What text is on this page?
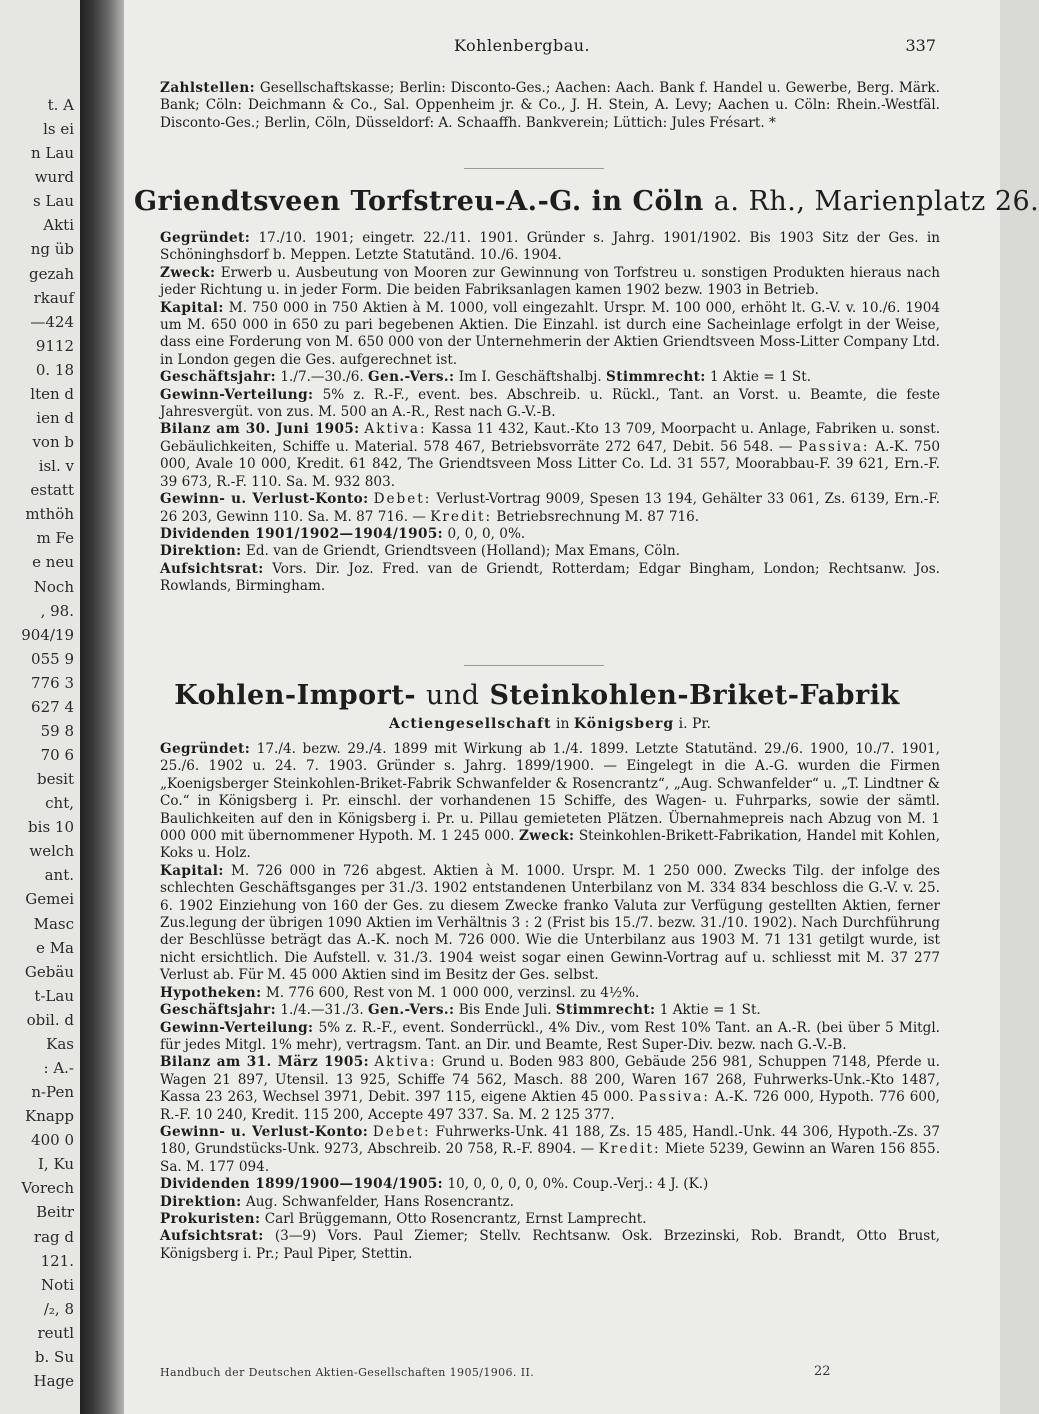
t. A
ls ei
n Lau
wurd
s Lau
Akti
ng üb
gezah
rkauf
—424
9112
0. 18
lten d
ien d
von b
isl. v
estatt
mthöh
m Fe
e neu
Noch
, 98.
904/19
055 9
776 3
627 4
59 8
70 6
besit
cht,
bis 10
welch
ant.
Gemei
Masc
e Ma
Gebäu
t-Lau
obil. d
Kas
: A.-
n-Pen
Knapp
400 0
I, Ku
Vorech
Beitr
rag d
121.
Noti
/₂, 8
reutl
b. Su
Hage
Kohlenbergbau.	337
Zahlstellen: Gesellschaftskasse; Berlin: Disconto-Ges.; Aachen: Aach. Bank f. Handel u. Gewerbe, Berg. Märk. Bank; Cöln: Deichmann & Co., Sal. Oppenheim jr. & Co., J. H. Stein, A. Levy; Aachen u. Cöln: Rhein.-Westfäl. Disconto-Ges.; Berlin, Cöln, Düsseldorf: A. Schaaffh. Bankverein; Lüttich: Jules Frésart. *
Griendtsveen Torfstreu-A.-G. in Cöln a. Rh., Marienplatz 26.
Gegründet: 17./10. 1901; eingetr. 22./11. 1901. Gründer s. Jahrg. 1901/1902. Bis 1903 Sitz der Ges. in Schöninghsdorf b. Meppen. Letzte Statutänd. 10./6. 1904.
Zweck: Erwerb u. Ausbeutung von Mooren zur Gewinnung von Torfstreu u. sonstigen Produkten hieraus nach jeder Richtung u. in jeder Form. Die beiden Fabriksanlagen kamen 1902 bezw. 1903 in Betrieb.
Kapital: M. 750 000 in 750 Aktien à M. 1000, voll eingezahlt. Urspr. M. 100 000, erhöht lt. G.-V. v. 10./6. 1904 um M. 650 000 in 650 zu pari begebenen Aktien. Die Einzahl. ist durch eine Sacheinlage erfolgt in der Weise, dass eine Forderung von M. 650 000 von der Unternehmerin der Aktien Griendtsveen Moss-Litter Company Ltd. in London gegen die Ges. aufgerechnet ist.
Geschäftsjahr: 1./7.—30./6. Gen.-Vers.: Im I. Geschäftshalbj. Stimmrecht: 1 Aktie = 1 St.
Gewinn-Verteilung: 5% z. R.-F., event. bes. Abschreib. u. Rückl., Tant. an Vorst. u. Beamte, die feste Jahresvergüt. von zus. M. 500 an A.-R., Rest nach G.-V.-B.
Bilanz am 30. Juni 1905: Aktiva: Kassa 11 432, Kaut.-Kto 13 709, Moorpacht u. Anlage, Fabriken u. sonst. Gebäulichkeiten, Schiffe u. Material. 578 467, Betriebsvorräte 272 647, Debit. 56 548. — Passiva: A.-K. 750 000, Avale 10 000, Kredit. 61 842, The Griendtsveen Moss Litter Co. Ld. 31 557, Moorabbau-F. 39 621, Ern.-F. 39 673, R.-F. 110. Sa. M. 932 803.
Gewinn- u. Verlust-Konto: Debet: Verlust-Vortrag 9009, Spesen 13 194, Gehälter 33 061, Zs. 6139, Ern.-F. 26 203, Gewinn 110. Sa. M. 87 716. — Kredit: Betriebsrechnung M. 87 716.
Dividenden 1901/1902—1904/1905: 0, 0, 0, 0%.
Direktion: Ed. van de Griendt, Griendtsveen (Holland); Max Emans, Cöln.
Aufsichtsrat: Vors. Dir. Joz. Fred. van de Griendt, Rotterdam; Edgar Bingham, London; Rechtsanw. Jos. Rowlands, Birmingham.
Kohlen-Import- und Steinkohlen-Briket-Fabrik
Actiengesellschaft in Königsberg i. Pr.
Gegründet: 17./4. bezw. 29./4. 1899 mit Wirkung ab 1./4. 1899. Letzte Statutänd. 29./6. 1900, 10./7. 1901, 25./6. 1902 u. 24. 7. 1903. Gründer s. Jahrg. 1899/1900. — Eingelegt in die A.-G. wurden die Firmen „Koenigsberger Steinkohlen-Briket-Fabrik Schwanfelder & Rosencrantz“, „Aug. Schwanfelder“ u. „T. Lindtner & Co.“ in Königsberg i. Pr. einschl. der vorhandenen 15 Schiffe, des Wagen- u. Fuhrparks, sowie der sämtl. Baulichkeiten auf den in Königsberg i. Pr. u. Pillau gemieteten Plätzen. Übernahmepreis nach Abzug von M. 1 000 000 mit übernommener Hypoth. M. 1 245 000. Zweck: Steinkohlen-Brikett-Fabrikation, Handel mit Kohlen, Koks u. Holz.
Kapital: M. 726 000 in 726 abgest. Aktien à M. 1000. Urspr. M. 1 250 000. Zwecks Tilg. der infolge des schlechten Geschäftsganges per 31./3. 1902 entstandenen Unterbilanz von M. 334 834 beschloss die G.-V. v. 25. 6. 1902 Einziehung von 160 der Ges. zu diesem Zwecke franko Valuta zur Verfügung gestellten Aktien, ferner Zus.legung der übrigen 1090 Aktien im Verhältnis 3 : 2 (Frist bis 15./7. bezw. 31./10. 1902). Nach Durchführung der Beschlüsse beträgt das A.-K. noch M. 726 000. Wie die Unterbilanz aus 1903 M. 71 131 getilgt wurde, ist nicht ersichtlich. Die Aufstell. v. 31./3. 1904 weist sogar einen Gewinn-Vortrag auf u. schliesst mit M. 37 277 Verlust ab. Für M. 45 000 Aktien sind im Besitz der Ges. selbst.
Hypotheken: M. 776 600, Rest von M. 1 000 000, verzinsl. zu 4½%.
Geschäftsjahr: 1./4.—31./3. Gen.-Vers.: Bis Ende Juli. Stimmrecht: 1 Aktie = 1 St.
Gewinn-Verteilung: 5% z. R.-F., event. Sonderrückl., 4% Div., vom Rest 10% Tant. an A.-R. (bei über 5 Mitgl. für jedes Mitgl. 1% mehr), vertragsm. Tant. an Dir. und Beamte, Rest Super-Div. bezw. nach G.-V.-B.
Bilanz am 31. März 1905: Aktiva: Grund u. Boden 983 800, Gebäude 256 981, Schuppen 7148, Pferde u. Wagen 21 897, Utensil. 13 925, Schiffe 74 562, Masch. 88 200, Waren 167 268, Fuhrwerks-Unk.-Kto 1487, Kassa 23 263, Wechsel 3971, Debit. 397 115, eigene Aktien 45 000. Passiva: A.-K. 726 000, Hypoth. 776 600, R.-F. 10 240, Kredit. 115 200, Accepte 497 337. Sa. M. 2 125 377.
Gewinn- u. Verlust-Konto: Debet: Fuhrwerks-Unk. 41 188, Zs. 15 485, Handl.-Unk. 44 306, Hypoth.-Zs. 37 180, Grundstücks-Unk. 9273, Abschreib. 20 758, R.-F. 8904. — Kredit: Miete 5239, Gewinn an Waren 156 855. Sa. M. 177 094.
Dividenden 1899/1900—1904/1905: 10, 0, 0, 0, 0, 0%. Coup.-Verj.: 4 J. (K.)
Direktion: Aug. Schwanfelder, Hans Rosencrantz.
Prokuristen: Carl Brüggemann, Otto Rosencrantz, Ernst Lamprecht.
Aufsichtsrat: (3—9) Vors. Paul Ziemer; Stellv. Rechtsanw. Osk. Brzezinski, Rob. Brandt, Otto Brust, Königsberg i. Pr.; Paul Piper, Stettin.
Handbuch der Deutschen Aktien-Gesellschaften 1905/1906. II.	22
